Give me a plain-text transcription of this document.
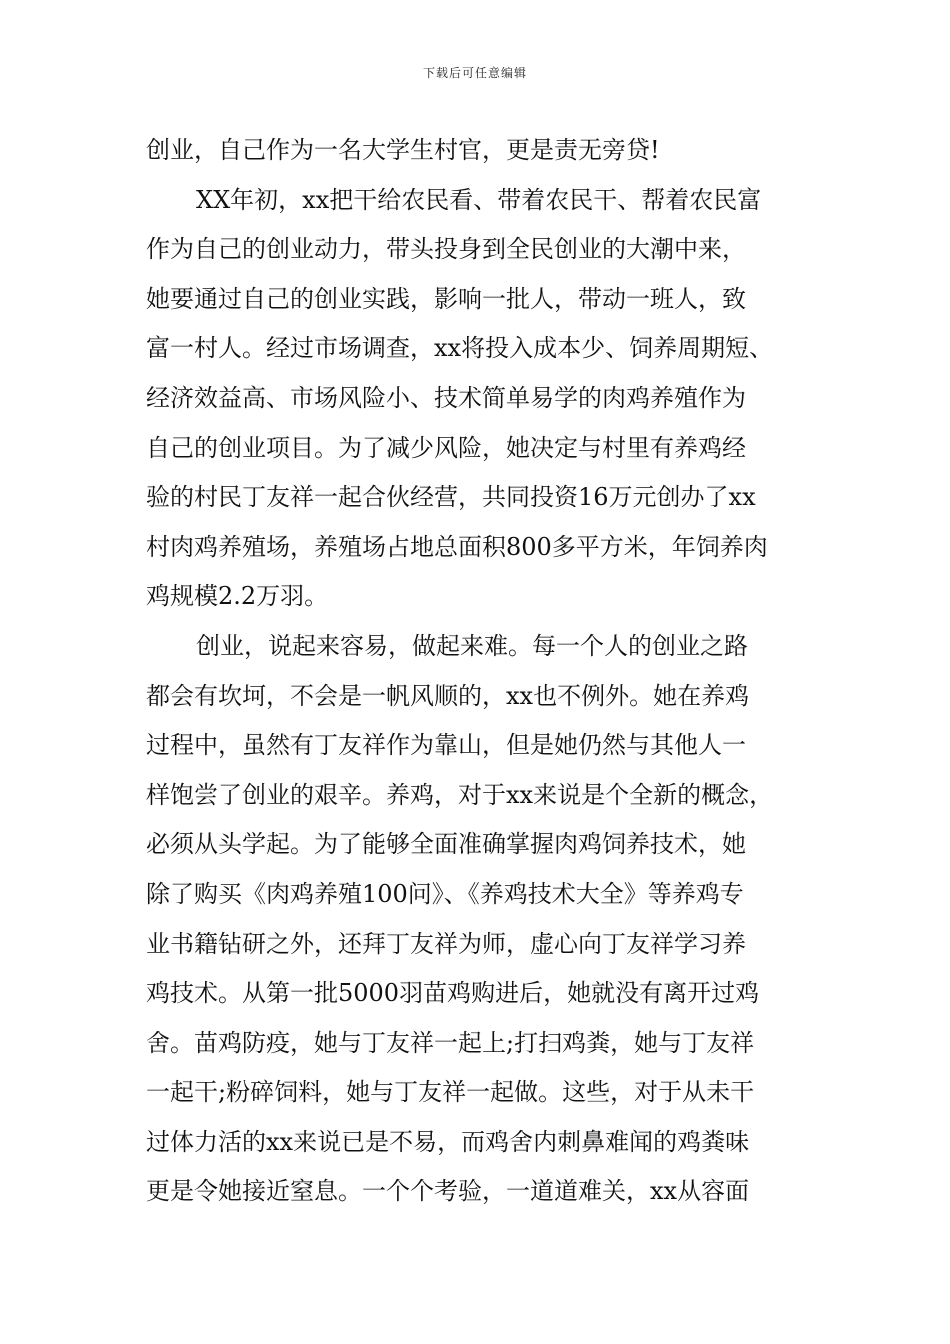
下载后可任意编辑
创业，自己作为一名大学生村官，更是责无旁贷!
XX年初，xx把干给农民看、带着农民干、帮着农民富
作为自己的创业动力，带头投身到全民创业的大潮中来，
她要通过自己的创业实践，影响一批人，带动一班人，致
富一村人。经过市场调查，xx将投入成本少、饲养周期短、
经济效益高、市场风险小、技术简单易学的肉鸡养殖作为
自己的创业项目。为了减少风险，她决定与村里有养鸡经
验的村民丁友祥一起合伙经营，共同投资16万元创办了xx
村肉鸡养殖场，养殖场占地总面积800多平方米，年饲养肉
鸡规模2.2万羽。
创业，说起来容易，做起来难。每一个人的创业之路
都会有坎坷，不会是一帆风顺的，xx也不例外。她在养鸡
过程中，虽然有丁友祥作为靠山，但是她仍然与其他人一
样饱尝了创业的艰辛。养鸡，对于xx来说是个全新的概念，
必须从头学起。为了能够全面准确掌握肉鸡饲养技术，她
除了购买《肉鸡养殖100问》、《养鸡技术大全》等养鸡专
业书籍钻研之外，还拜丁友祥为师，虚心向丁友祥学习养
鸡技术。从第一批5000羽苗鸡购进后，她就没有离开过鸡
舍。苗鸡防疫，她与丁友祥一起上;打扫鸡粪，她与丁友祥
一起干;粉碎饲料，她与丁友祥一起做。这些，对于从未干
过体力活的xx来说已是不易，而鸡舍内刺鼻难闻的鸡粪味
更是令她接近窒息。一个个考验，一道道难关，xx从容面
